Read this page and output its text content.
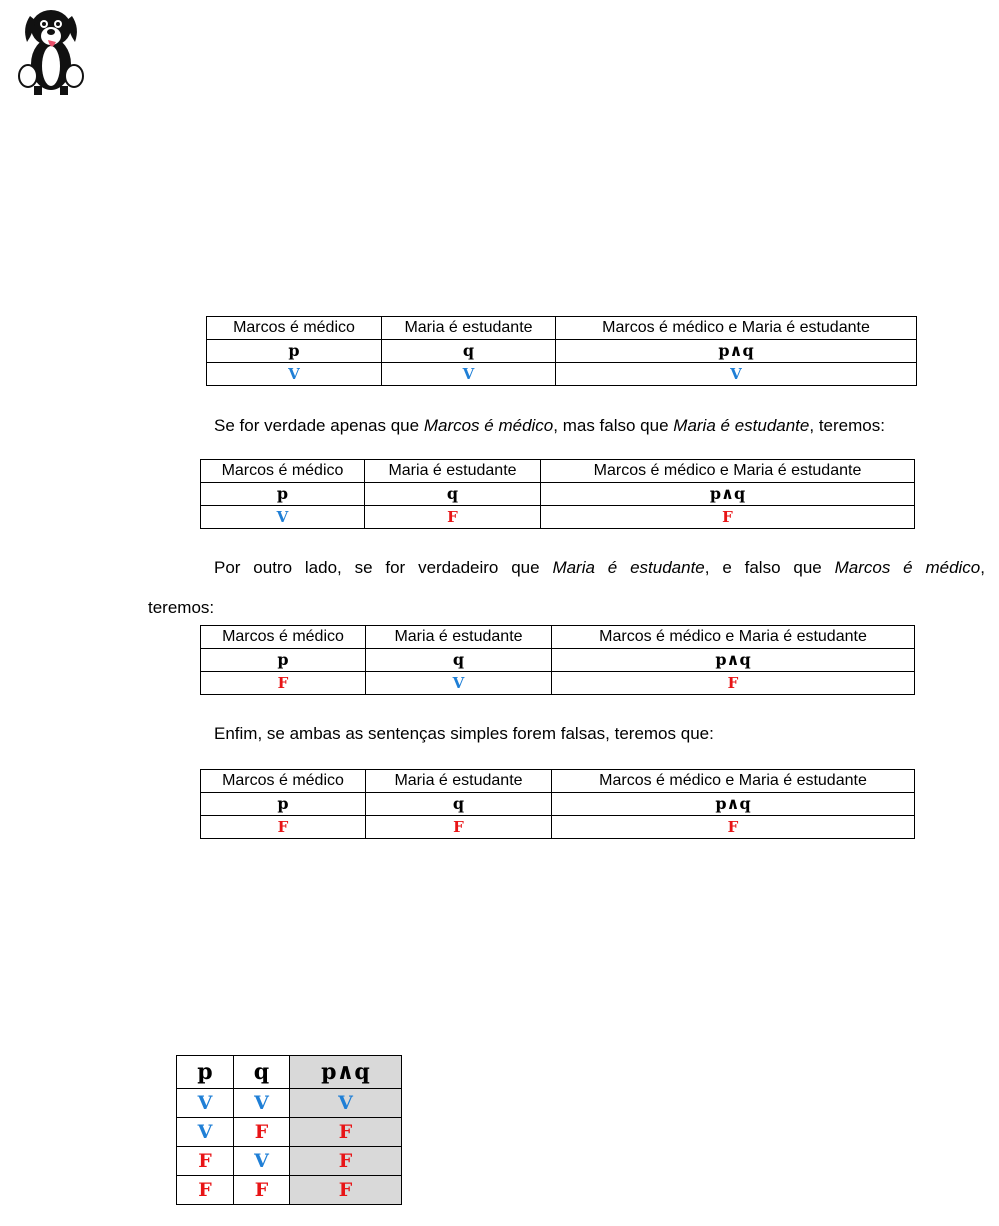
Marcos é médico	Maria é estudante	Marcos é médico e Maria é estudante
p	q	p∧q
V	V	V

Se for verdade apenas que Marcos é médico, mas falso que Maria é estudante, teremos:

Marcos é médico	Maria é estudante	Marcos é médico e Maria é estudante
p	q	p∧q
V	F	F

Por outro lado, se for verdadeiro que Maria é estudante, e falso que Marcos é médico,

teremos:

Marcos é médico	Maria é estudante	Marcos é médico e Maria é estudante
p	q	p∧q
F	V	F

Enfim, se ambas as sentenças simples forem falsas, teremos que:

Marcos é médico	Maria é estudante	Marcos é médico e Maria é estudante
p	q	p∧q
F	F	F
p	q	p∧q
V	V	V
V	F	F
F	V	F
F	F	F
